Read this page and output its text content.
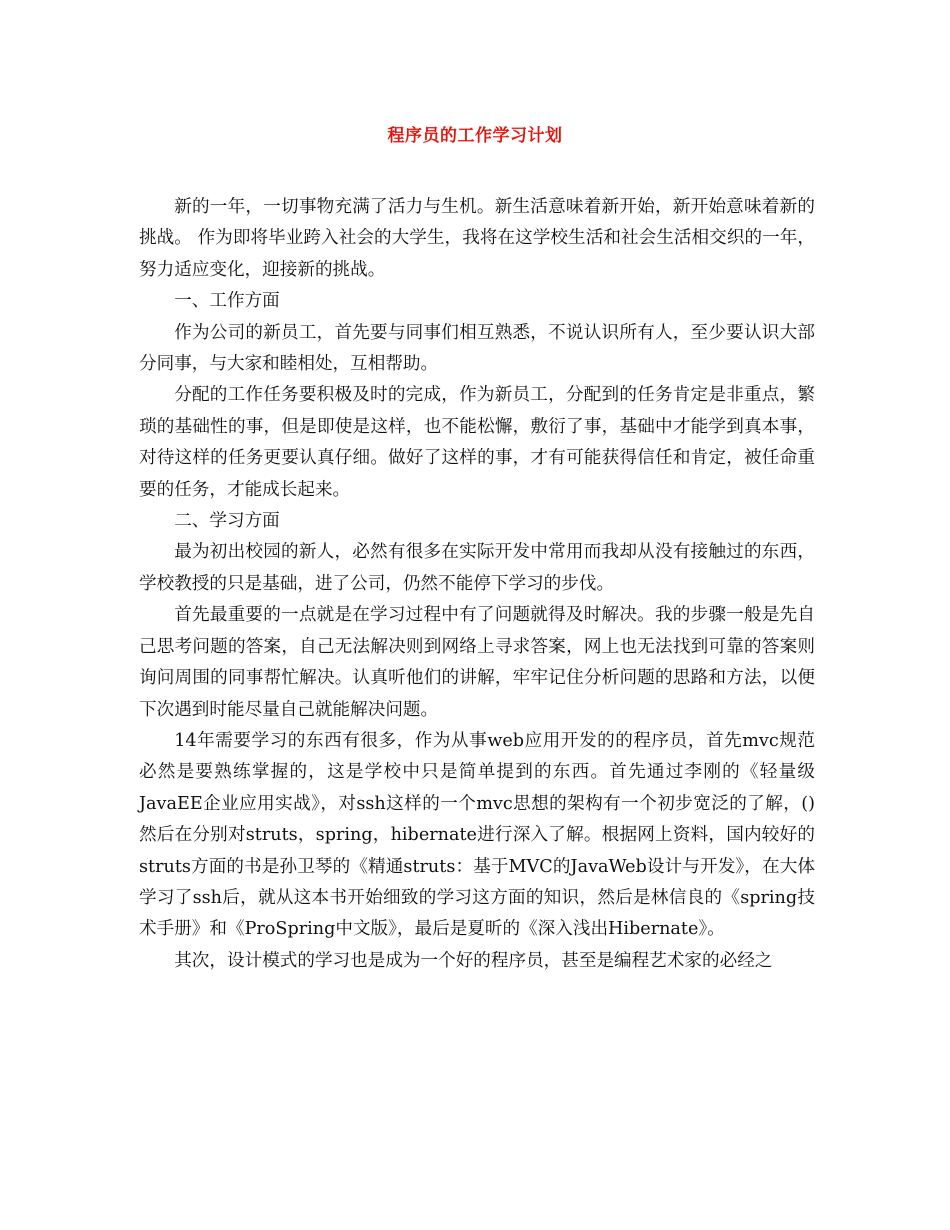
程序员的工作学习计划

新的一年，一切事物充满了活力与生机。新生活意味着新开始，新开始意味着新的挑战。 作为即将毕业跨入社会的大学生，我将在这学校生活和社会生活相交织的一年，努力适应变化，迎接新的挑战。

一、工作方面

作为公司的新员工，首先要与同事们相互熟悉，不说认识所有人，至少要认识大部分同事，与大家和睦相处，互相帮助。

分配的工作任务要积极及时的完成，作为新员工，分配到的任务肯定是非重点，繁琐的基础性的事，但是即使是这样，也不能松懈，敷衍了事，基础中才能学到真本事，对待这样的任务更要认真仔细。做好了这样的事，才有可能获得信任和肯定，被任命重要的任务，才能成长起来。

二、学习方面

最为初出校园的新人，必然有很多在实际开发中常用而我却从没有接触过的东西，学校教授的只是基础，进了公司，仍然不能停下学习的步伐。

首先最重要的一点就是在学习过程中有了问题就得及时解决。我的步骤一般是先自己思考问题的答案，自己无法解决则到网络上寻求答案，网上也无法找到可靠的答案则询问周围的同事帮忙解决。认真听他们的讲解，牢牢记住分析问题的思路和方法，以便下次遇到时能尽量自己就能解决问题。

14年需要学习的东西有很多，作为从事web应用开发的的程序员，首先mvc规范必然是要熟练掌握的，这是学校中只是简单提到的东西。首先通过李刚的《轻量级JavaEE企业应用实战》，对ssh这样的一个mvc思想的架构有一个初步宽泛的了解，()然后在分别对struts，spring，hibernate进行深入了解。根据网上资料，国内较好的struts方面的书是孙卫琴的《精通struts：基于MVC的JavaWeb设计与开发》，在大体学习了ssh后，就从这本书开始细致的学习这方面的知识，然后是林信良的《spring技术手册》和《ProSpring中文版》，最后是夏昕的《深入浅出Hibernate》。

其次，设计模式的学习也是成为一个好的程序员，甚至是编程艺术家的必经之
